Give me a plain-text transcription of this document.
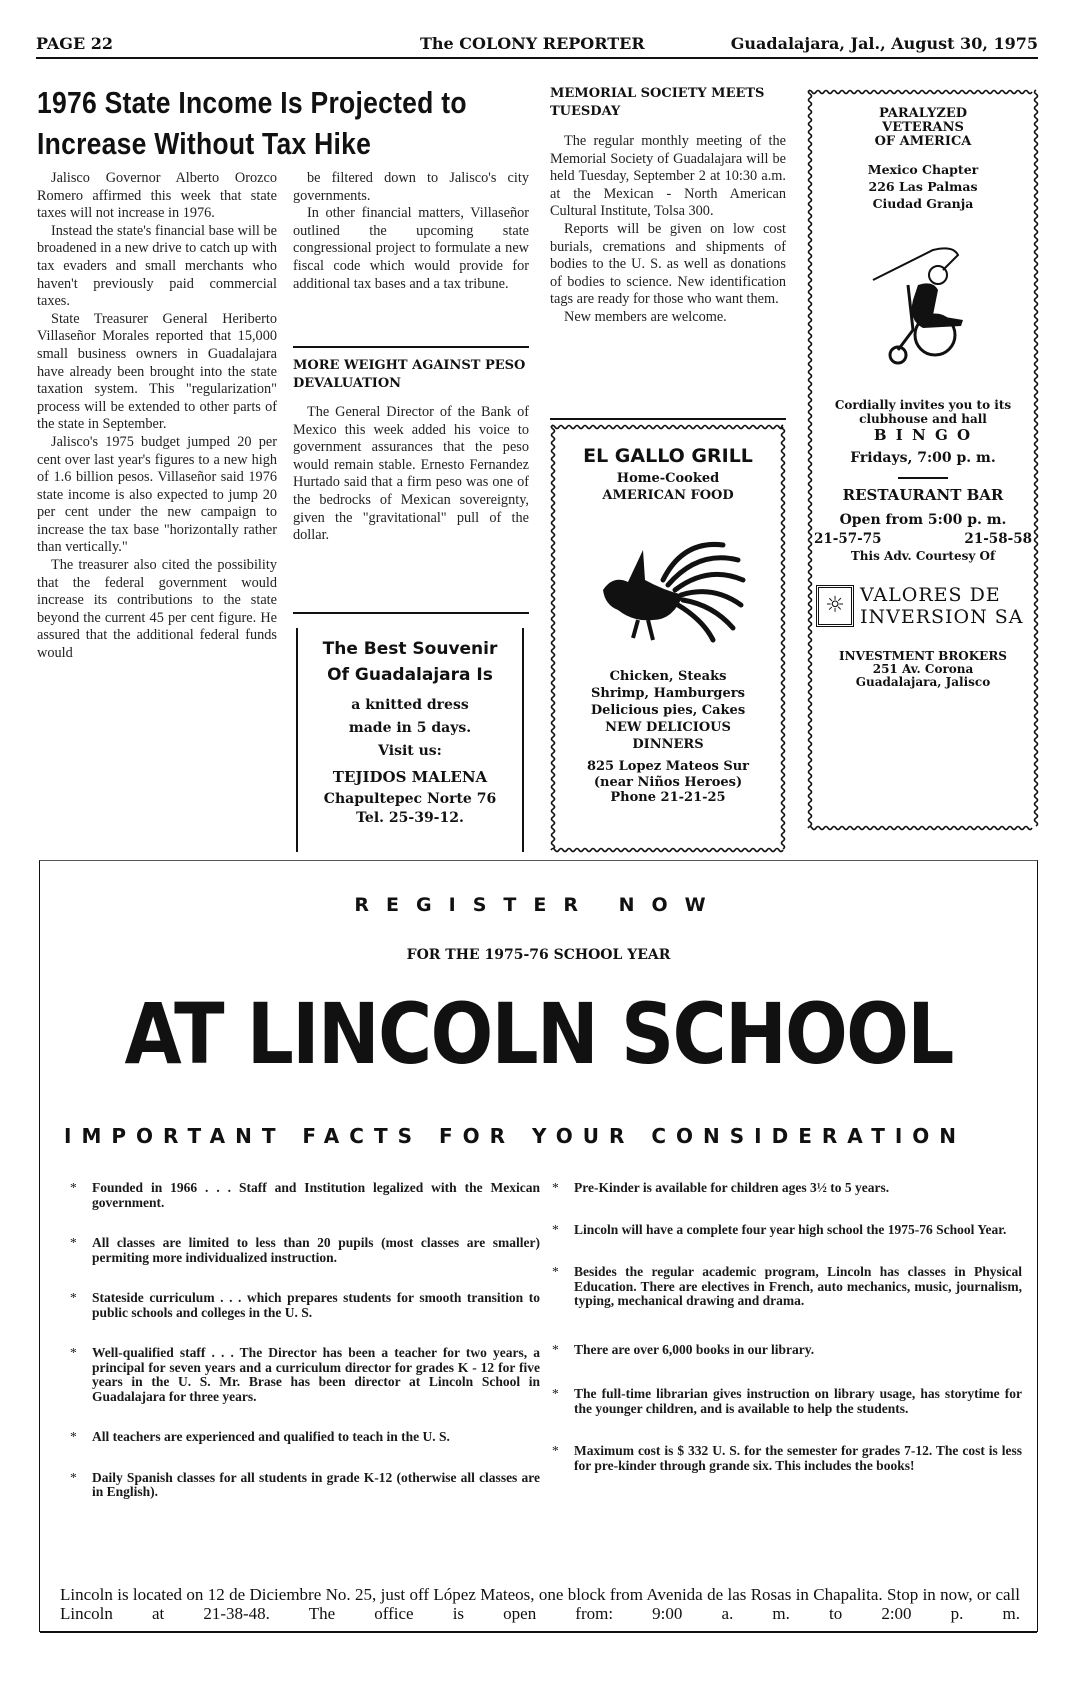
PAGE 22	The COLONY REPORTER	Guadalajara, Jal., August 30, 1975
1976 State Income Is Projected to Increase Without Tax Hike

Jalisco Governor Alberto Orozco Romero affirmed this week that state taxes will not increase in 1976.

Instead the state's financial base will be broadened in a new drive to catch up with tax evaders and small merchants who haven't previously paid commercial taxes.

State Treasurer General Heriberto Villaseñor Morales reported that 15,000 small business owners in Guadalajara have already been brought into the state taxation system. This "regularization" process will be extended to other parts of the state in September.

Jalisco's 1975 budget jumped 20 per cent over last year's figures to a new high of 1.6 billion pesos. Villaseñor said 1976 state income is also expected to jump 20 per cent under the new campaign to increase the tax base "horizontally rather than vertically."

The treasurer also cited the possibility that the federal government would increase its contributions to the state beyond the current 45 per cent figure. He assured that the additional federal funds would

be filtered down to Jalisco's city governments.

In other financial matters, Villaseñor outlined the upcoming state congressional project to formulate a new fiscal code which would provide for additional tax bases and a tax tribune.

MORE WEIGHT AGAINST PESO DEVALUATION

The General Director of the Bank of Mexico this week added his voice to government assurances that the peso would remain stable. Ernesto Fernandez Hurtado said that a firm peso was one of the bedrocks of Mexican sovereignty, given the "gravitational" pull of the dollar.

The Best Souvenir
Of Guadalajara Is
a knitted dress
made in 5 days.
Visit us:
TEJIDOS MALENA
Chapultepec Norte 76
Tel. 25-39-12.
MEMORIAL SOCIETY MEETS TUESDAY

The regular monthly meeting of the Memorial Society of Guadalajara will be held Tuesday, September 2 at 10:30 a.m. at the Mexican - North American Cultural Institute, Tolsa 300.

Reports will be given on low cost burials, cremations and shipments of bodies to the U. S. as well as donations of bodies to science. New identification tags are ready for those who want them.

New members are welcome.

EL GALLO GRILL
Home-Cooked
AMERICAN FOOD
Chicken, Steaks
Shrimp, Hamburgers
Delicious pies, Cakes
NEW DELICIOUS
DINNERS
825 Lopez Mateos Sur
(near Niños Heroes)
Phone 21-21-25
PARALYZED
VETERANS
OF AMERICA
Mexico Chapter
226 Las Palmas
Ciudad Granja
Cordially invites you to its
clubhouse and hall
B I N G O
Fridays, 7:00 p. m.
RESTAURANT BAR
Open from 5:00 p. m.
21-57-75	21-58-58
This Adv. Courtesy Of
☼ VALORES DE
INVERSION SA
INVESTMENT BROKERS
251 Av. Corona
Guadalajara, Jalisco
REGISTER NOW
FOR THE 1975-76 SCHOOL YEAR
AT LINCOLN SCHOOL
IMPORTANT FACTS FOR YOUR CONSIDERATION
*	Founded in 1966 . . . Staff and Institution legalized with the Mexican government.
*	All classes are limited to less than 20 pupils (most classes are smaller) permiting more individualized instruction.
*	Stateside curriculum . . . which prepares students for smooth transition to public schools and colleges in the U. S.
*	Well-qualified staff . . . The Director has been a teacher for two years, a principal for seven years and a curriculum director for grades K - 12 for five years in the U. S. Mr. Brase has been director at Lincoln School in Guadalajara for three years.
*	All teachers are experienced and qualified to teach in the U. S.
*	Daily Spanish classes for all students in grade K-12 (otherwise all classes are in English).
*	Pre-Kinder is available for children ages 3½ to 5 years.
*	Lincoln will have a complete four year high school the 1975-76 School Year.
*	Besides the regular academic program, Lincoln has classes in Physical Education. There are electives in French, auto mechanics, music, journalism, typing, mechanical drawing and drama.
*	There are over 6,000 books in our library.
*	The full-time librarian gives instruction on library usage, has storytime for the younger children, and is available to help the students.
*	Maximum cost is $ 332 U. S. for the semester for grades 7-12. The cost is less for pre-kinder through grande six. This includes the books!
Lincoln is located on 12 de Diciembre No. 25, just off López Mateos, one block from Avenida de las Rosas in Chapalita. Stop in now, or call Lincoln at 21-38-48. The office is open from: 9:00 a. m. to 2:00 p. m.
